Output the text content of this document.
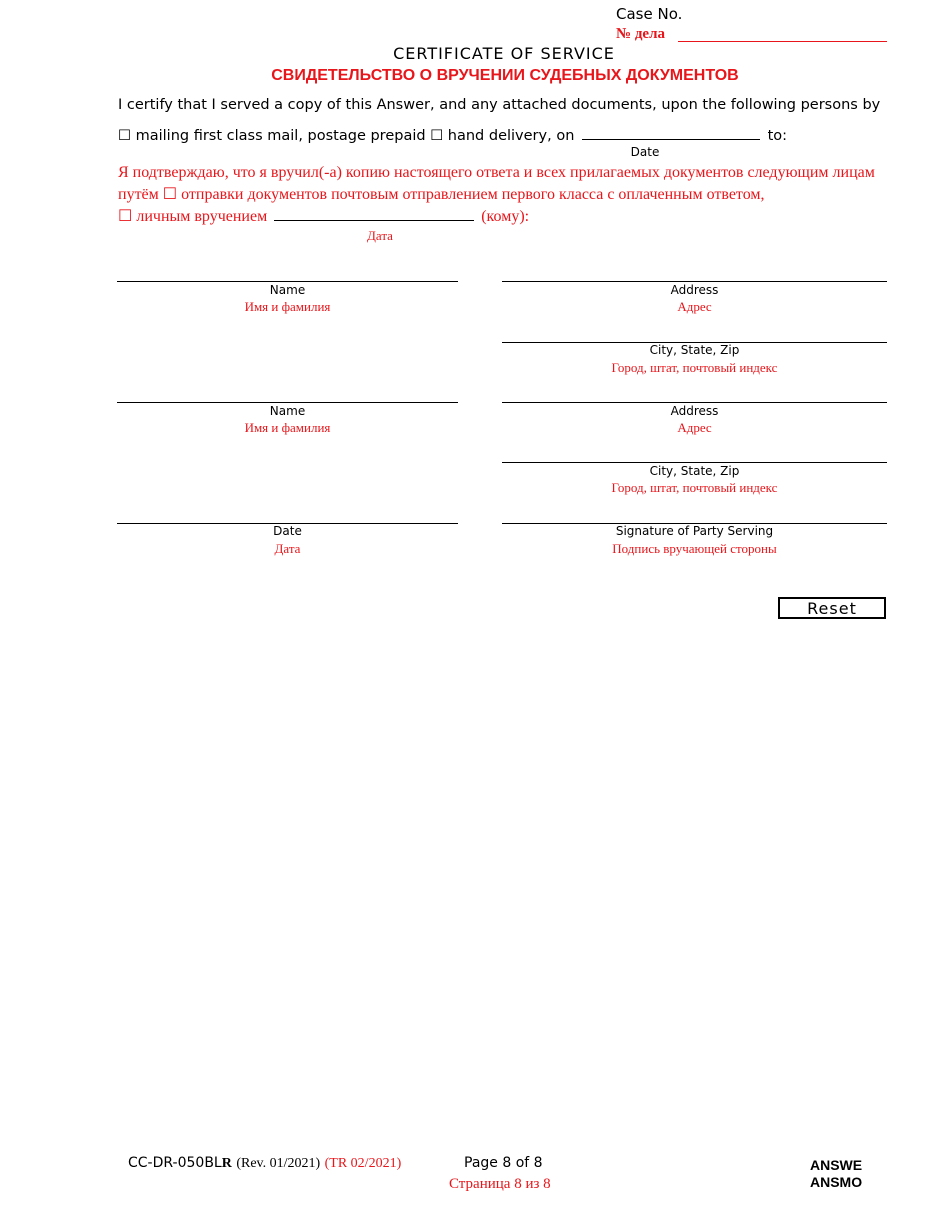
Case No.
№ дела
CERTIFICATE OF SERVICE
СВИДЕТЕЛЬСТВО О ВРУЧЕНИИ СУДЕБНЫХ ДОКУМЕНТОВ
I certify that I served a copy of this Answer, and any attached documents, upon the following persons by
☐ mailing first class mail, postage prepaid ☐ hand delivery, on	to:
Date
Я подтверждаю, что я вручил(-а) копию настоящего ответа и всех прилагаемых документов следующим лицам путём ☐ отправки документов почтовым отправлением первого класса с оплаченным ответом,
☐ личным вручением	(кому):
Дата
Name
Имя и фамилия
Address
Адрес
City, State, Zip
Город, штат, почтовый индекс
Name
Имя и фамилия
Address
Адрес
City, State, Zip
Город, штат, почтовый индекс
Date
Дата
Signature of Party Serving
Подпись вручающей стороны
Reset
CC-DR-050BLR (Rev. 01/2021) (TR 02/2021)	Page 8 of 8
Страница 8 из 8
ANSWE
ANSMO
